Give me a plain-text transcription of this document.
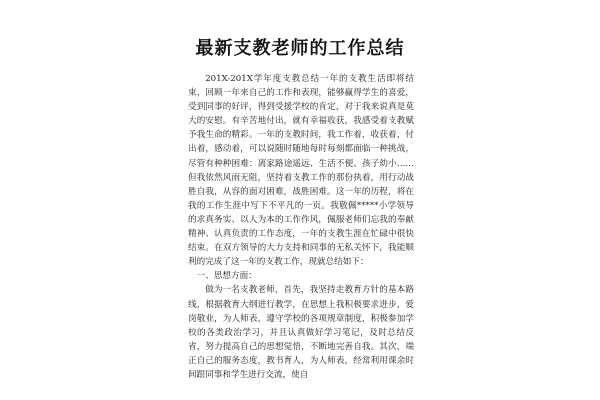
最新支教老师的工作总结

201X-201X学年度支教总结一年的支教生活即将结束，回顾一年来自己的工作和表现，能够赢得学生的喜爱，受到同事的好评，得到受援学校的肯定，对于我来说真是莫大的安慰。有辛苦地付出，就有幸福收获，我感受着支教赋予我生命的精彩。一年的支教时间，我工作着，收获着，付出着，感动着，可以说随时随地每时每刻都面临一种挑战，尽管有种种困难：离家路途遥远、生活不便、孩子幼小……但我依然风雨无阻，坚持着支教工作的那份执着，用行动战胜自我，从容的面对困难，战胜困难。这一年的历程，将在我的工作生涯中写下不平凡的一页。我敬佩*****小学领导的求真务实、以人为本的工作作风，佩服老师们忘我的奉献精神、认真负责的工作态度，一年的支教生涯在忙碌中很快结束。在双方领导的大力支持和同事的无私关怀下，我能顺利的完成了这一年的支教工作，现就总结如下：

一、思想方面：

做为一名支教老师，首先，我坚持走教育方针的基本路线，根据教育大纲进行教学，在思想上我积极要求进步，爱岗敬业，为人师表，遵守学校的各项规章制度，积极参加学校的各类政治学习，并且认真做好学习笔记，及时总结反省，努力提高自己的思想觉悟，不断地完善自我。其次，端正自己的服务态度，教书育人，为人师表，经常利用课余时间跟同事和学生进行交流，使自
